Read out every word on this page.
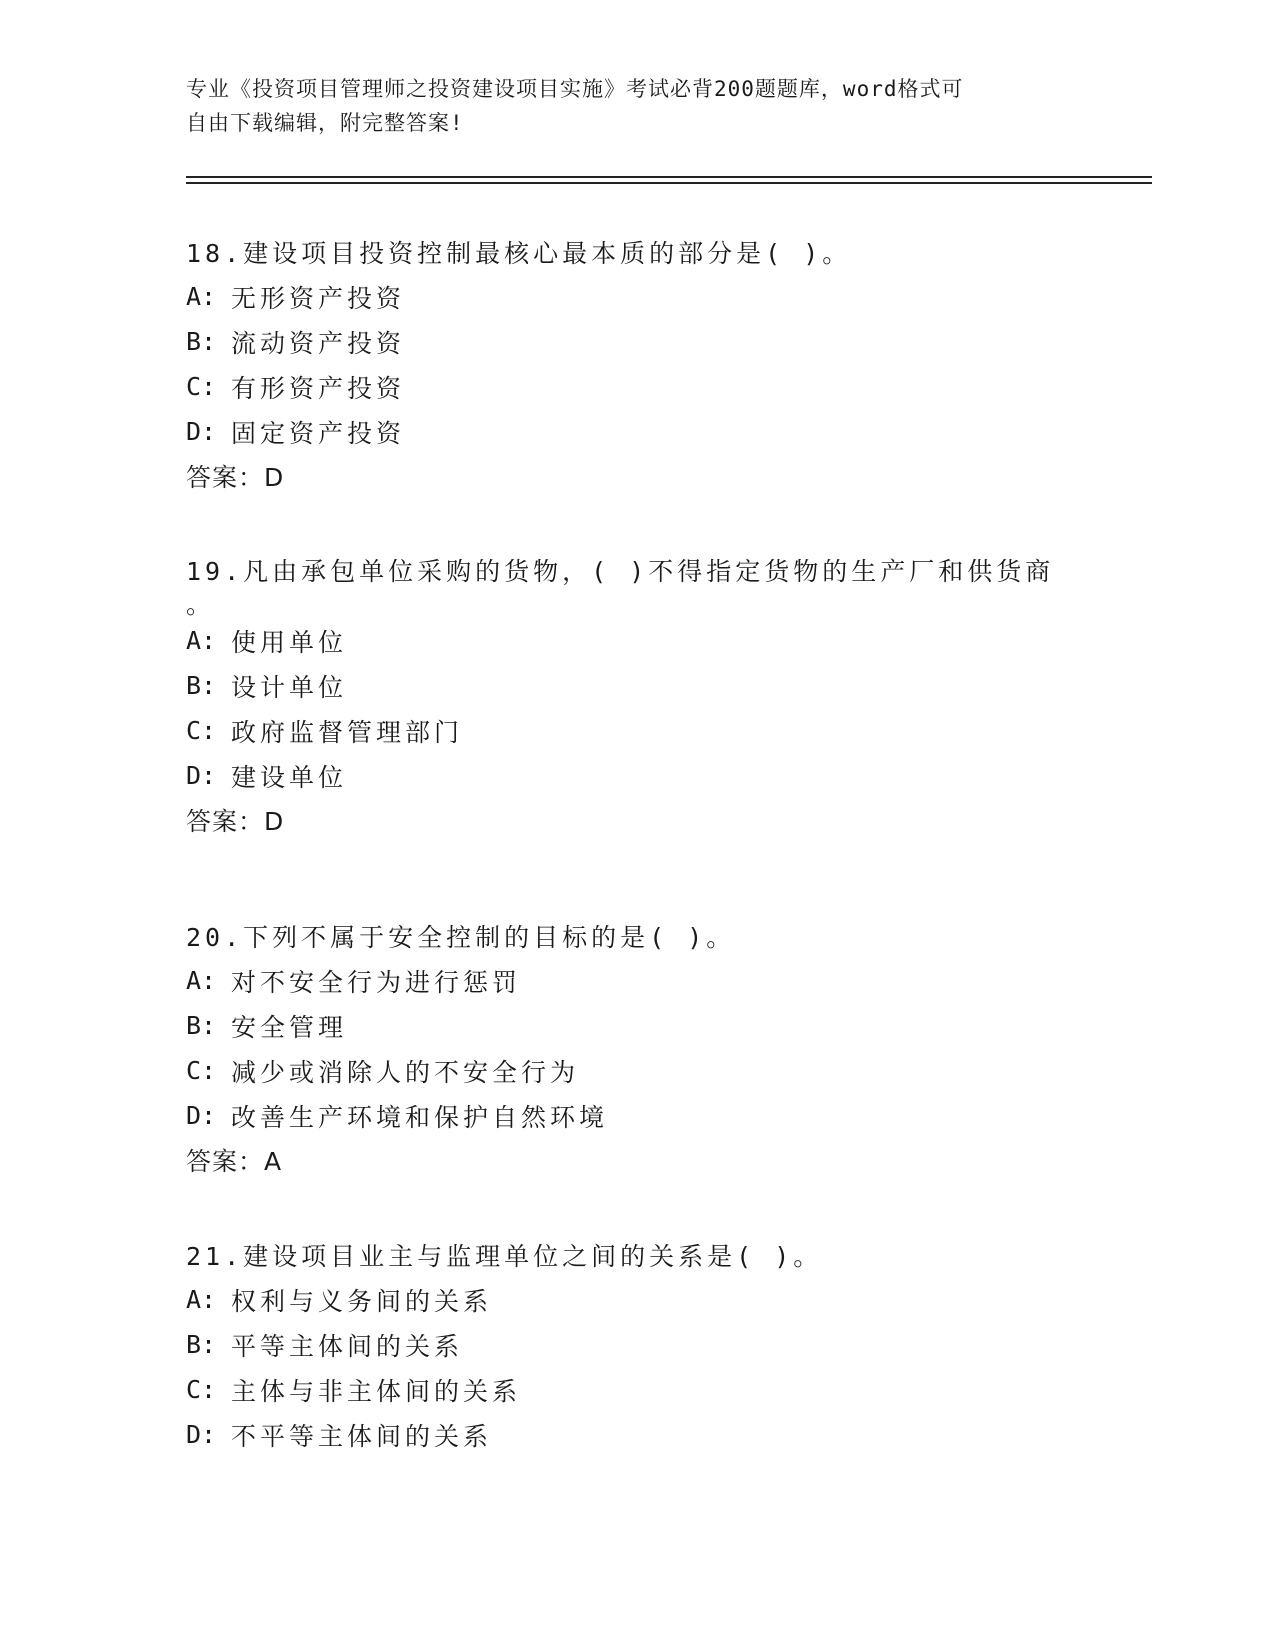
专业《投资项目管理师之投资建设项目实施》考试必背200题题库，word格式可
自由下载编辑，附完整答案!
18.建设项目投资控制最核心最本质的部分是( )。
A: 无形资产投资
B: 流动资产投资
C: 有形资产投资
D: 固定资产投资
答案：D
19.凡由承包单位采购的货物，( )不得指定货物的生产厂和供货商
。
A: 使用单位
B: 设计单位
C: 政府监督管理部门
D: 建设单位
答案：D
20.下列不属于安全控制的目标的是( )。
A: 对不安全行为进行惩罚
B: 安全管理
C: 减少或消除人的不安全行为
D: 改善生产环境和保护自然环境
答案：A
21.建设项目业主与监理单位之间的关系是( )。
A: 权利与义务间的关系
B: 平等主体间的关系
C: 主体与非主体间的关系
D: 不平等主体间的关系
